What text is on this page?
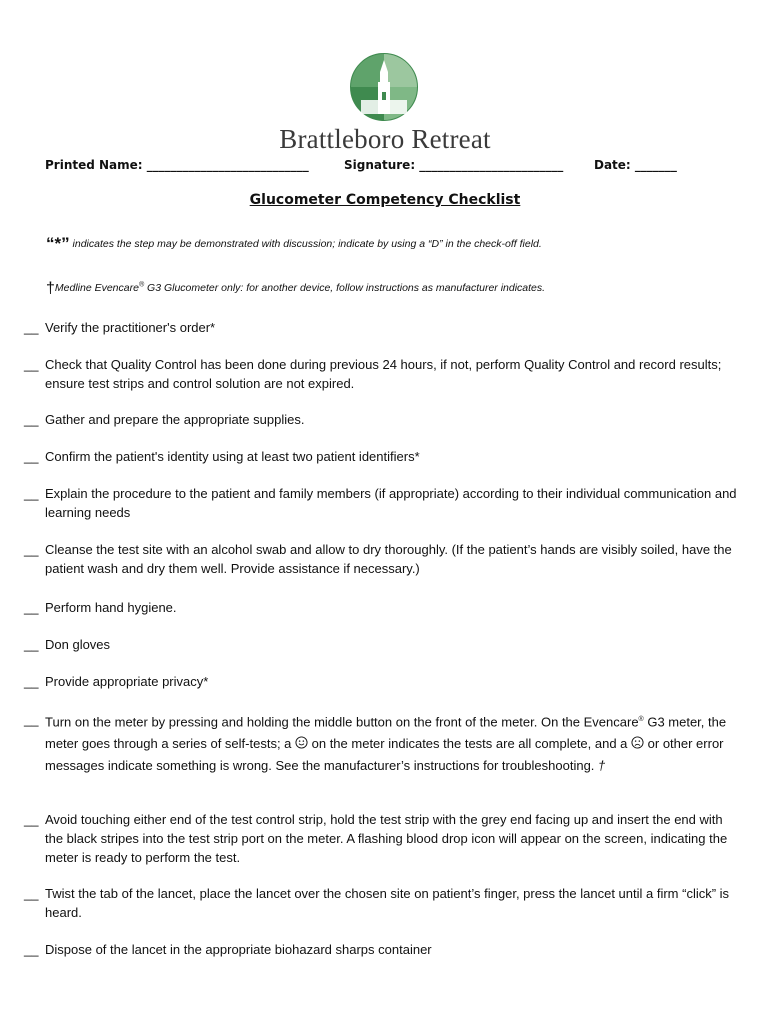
Brattleboro Retreat
Printed Name: ___________________________	Signature: ________________________	Date: _______
Glucometer Competency Checklist
“*” indicates the step may be demonstrated with discussion; indicate by using a “D” in the check-off field.
†Medline Evencare® G3 Glucometer only: for another device, follow instructions as manufacturer indicates.
__ Verify the practitioner's order*
__ Check that Quality Control has been done during previous 24 hours, if not, perform Quality Control and record results; ensure test strips and control solution are not expired.
__ Gather and prepare the appropriate supplies.
__ Confirm the patient's identity using at least two patient identifiers*
__ Explain the procedure to the patient and family members (if appropriate) according to their individual communication and learning needs
__ Cleanse the test site with an alcohol swab and allow to dry thoroughly. (If the patient’s hands are visibly soiled, have the patient wash and dry them well. Provide assistance if necessary.)
__ Perform hand hygiene.
__ Don gloves
__ Provide appropriate privacy*
__ Turn on the meter by pressing and holding the middle button on the front of the meter. On the Evencare® G3 meter, the meter goes through a series of self-tests; a  on the meter indicates the tests are all complete, and a  or other error messages indicate something is wrong. See the manufacturer’s instructions for troubleshooting. †
__ Avoid touching either end of the test control strip, hold the test strip with the grey end facing up and insert the end with the black stripes into the test strip port on the meter. A flashing blood drop icon will appear on the screen, indicating the meter is ready to perform the test.
__ Twist the tab of the lancet, place the lancet over the chosen site on patient’s finger, press the lancet until a firm “click” is heard.
__ Dispose of the lancet in the appropriate biohazard sharps container
